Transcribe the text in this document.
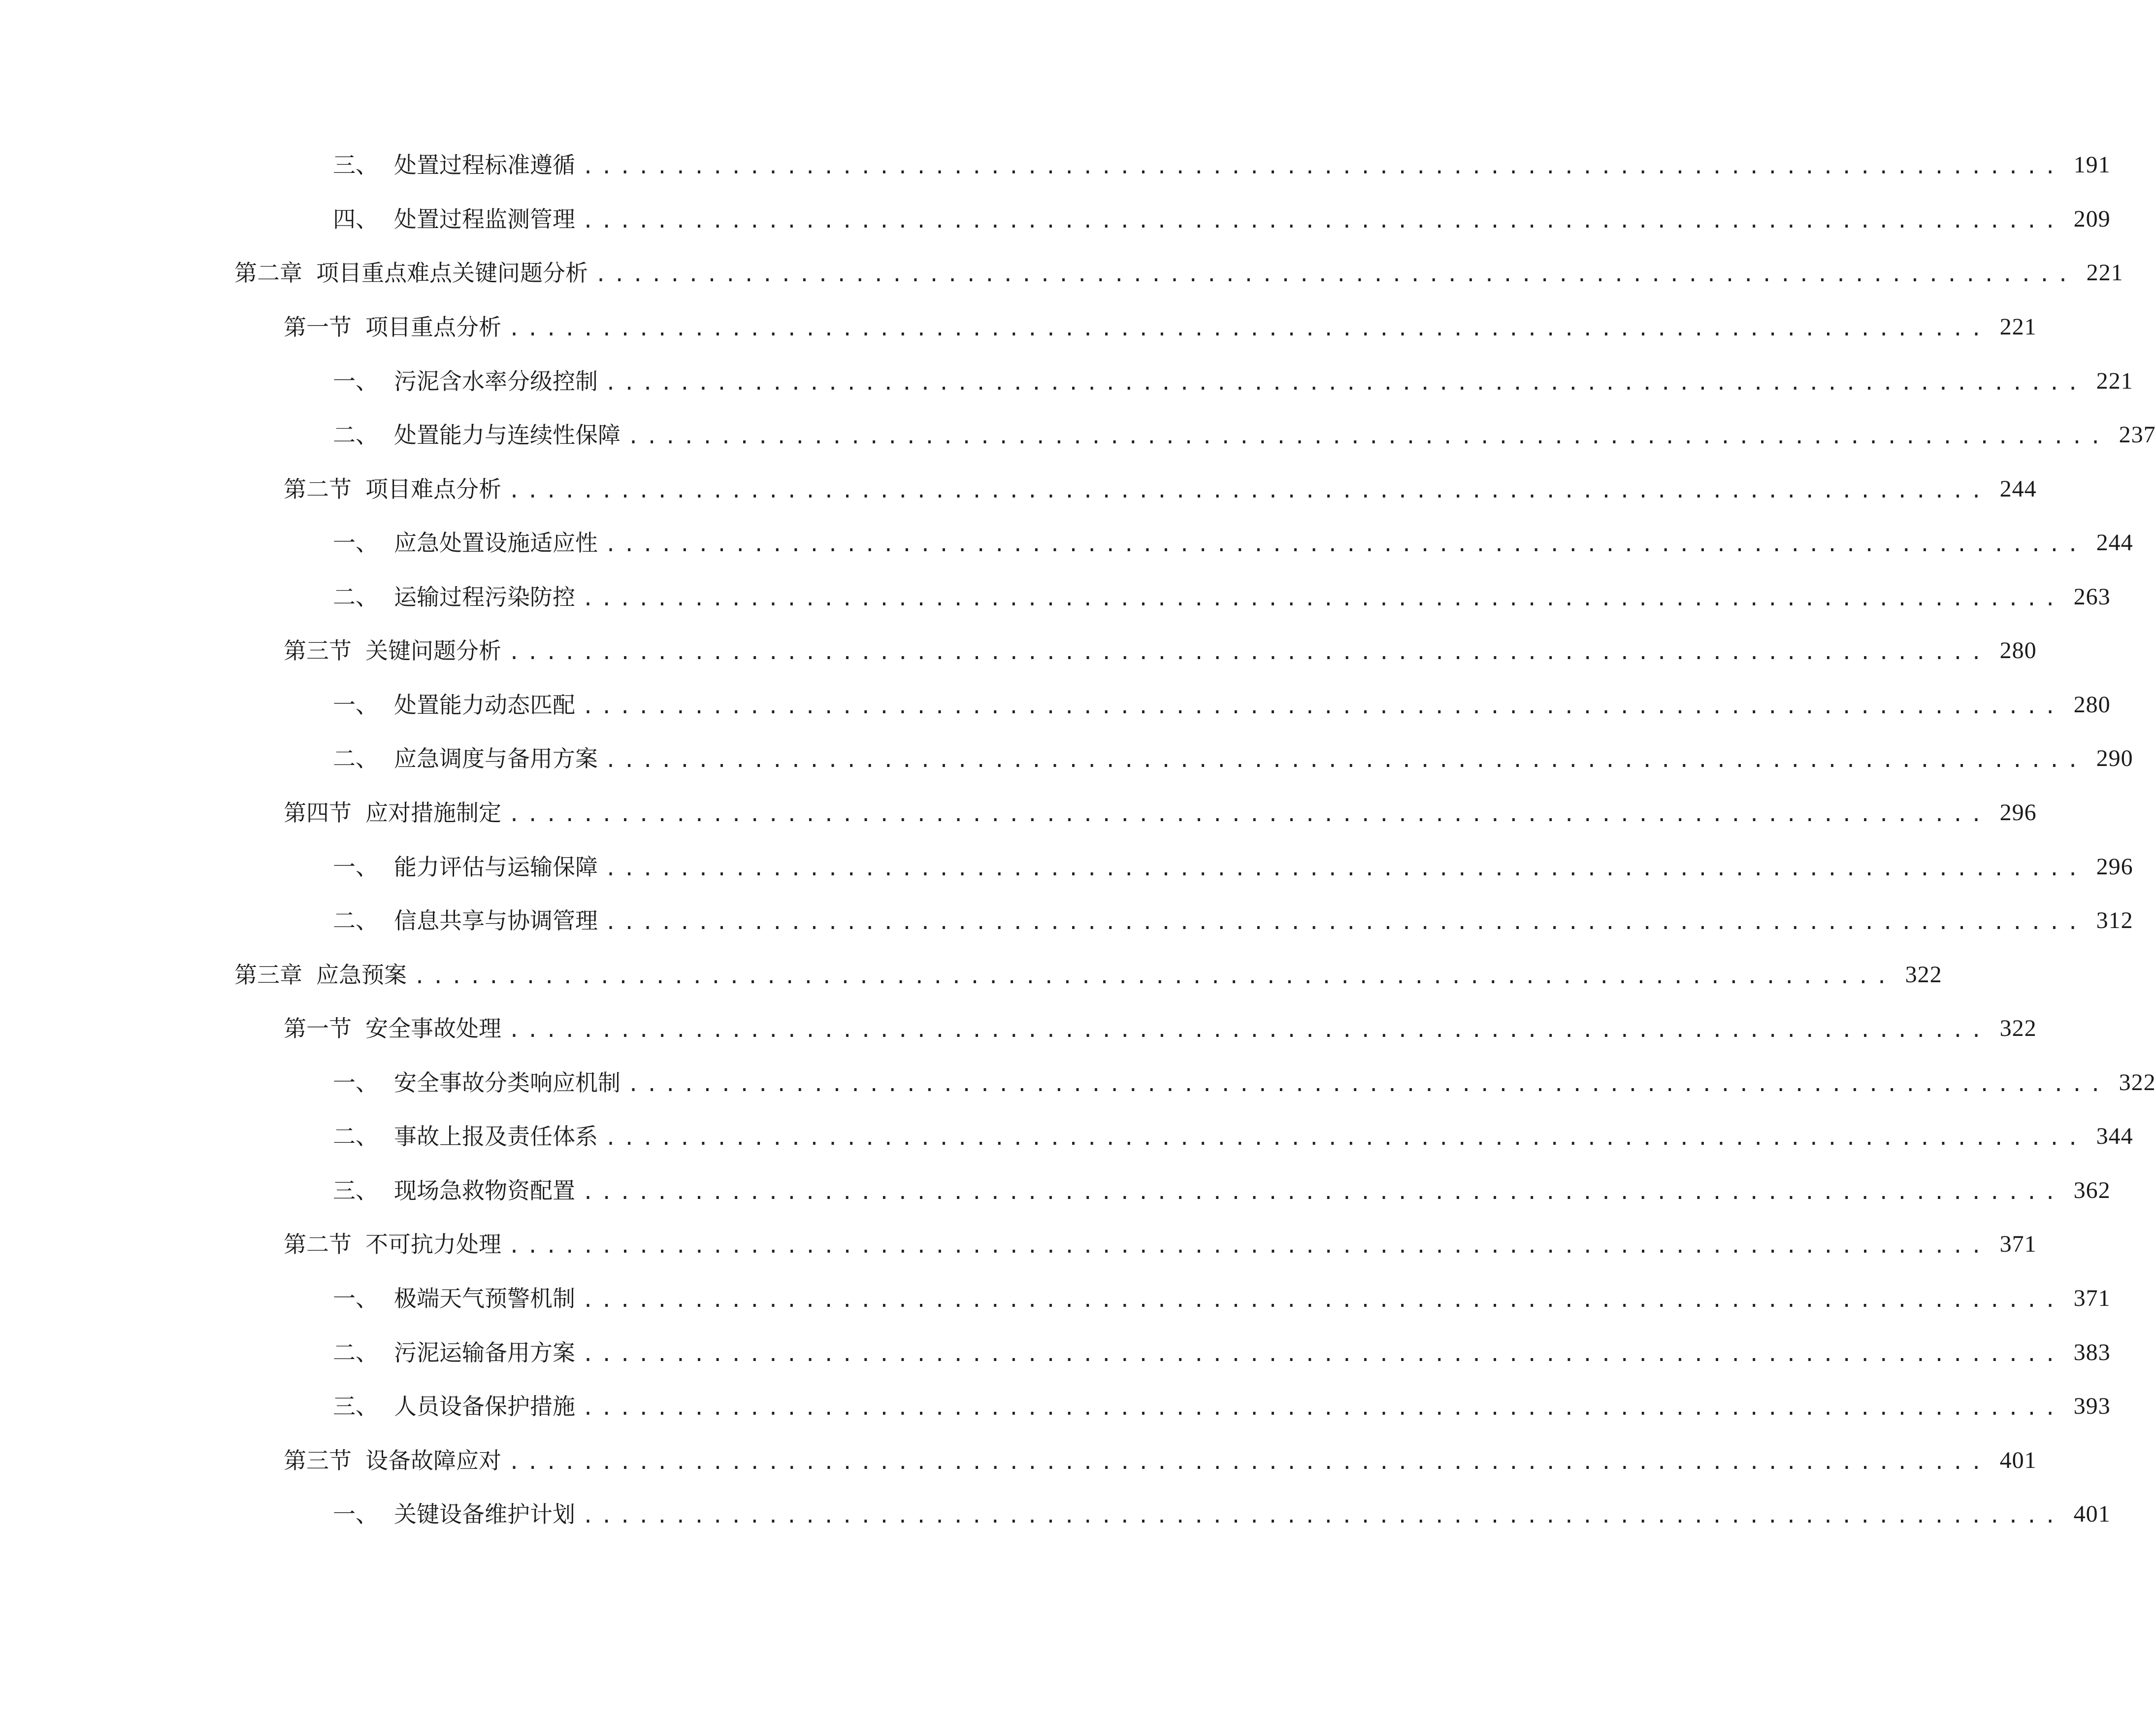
三、 处置过程标准遵循 ................................................................................ 191
四、 处置过程监测管理 ................................................................................ 209
第二章 项目重点难点关键问题分析 ................................................................................ 221
第一节 项目重点分析 ................................................................................ 221
一、 污泥含水率分级控制 ................................................................................ 221
二、 处置能力与连续性保障 ................................................................................ 237
第二节 项目难点分析 ................................................................................ 244
一、 应急处置设施适应性 ................................................................................ 244
二、 运输过程污染防控 ................................................................................ 263
第三节 关键问题分析 ................................................................................ 280
一、 处置能力动态匹配 ................................................................................ 280
二、 应急调度与备用方案 ................................................................................ 290
第四节 应对措施制定 ................................................................................ 296
一、 能力评估与运输保障 ................................................................................ 296
二、 信息共享与协调管理 ................................................................................ 312
第三章 应急预案 ................................................................................ 322
第一节 安全事故处理 ................................................................................ 322
一、 安全事故分类响应机制 ................................................................................ 322
二、 事故上报及责任体系 ................................................................................ 344
三、 现场急救物资配置 ................................................................................ 362
第二节 不可抗力处理 ................................................................................ 371
一、 极端天气预警机制 ................................................................................ 371
二、 污泥运输备用方案 ................................................................................ 383
三、 人员设备保护措施 ................................................................................ 393
第三节 设备故障应对 ................................................................................ 401
一、 关键设备维护计划 ................................................................................ 401
